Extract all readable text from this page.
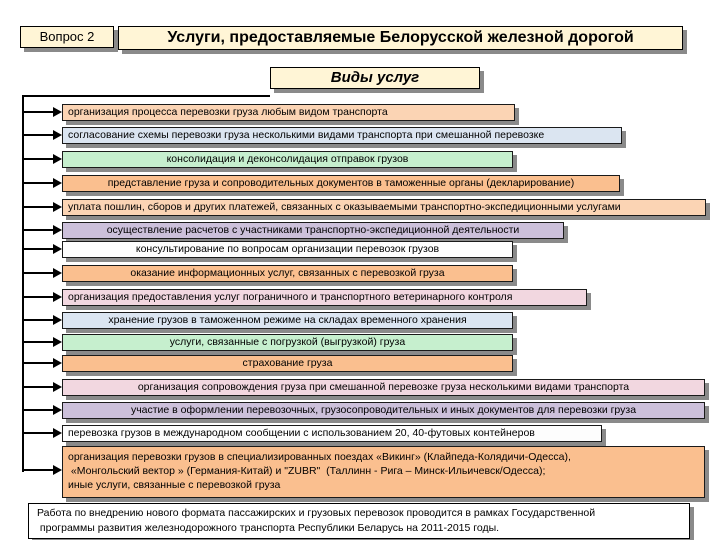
Вопрос 2	Услуги, предоставляемые Белорусской железной дорогой
Виды услуг
организация процесса перевозки груза любым видом транспорта
согласование схемы перевозки груза несколькими видами транспорта при смешанной перевозке
консолидация и деконсолидация отправок грузов
представление груза и сопроводительных документов в таможенные органы (декларирование)
уплата пошлин, сборов и других платежей, связанных с оказываемыми транспортно-экспедиционными услугами
осуществление расчетов с участниками транспортно-экспедиционной деятельности
консультирование по вопросам организации перевозок грузов
оказание информационных услуг, связанных с перевозкой груза
организация предоставления услуг пограничного и транспортного ветеринарного контроля
хранение грузов в таможенном режиме на складах временного хранения
услуги, связанные с погрузкой (выгрузкой) груза
страхование груза
организация сопровождения груза при смешанной перевозке груза несколькими видами транспорта
участие в оформлении перевозочных, грузосопроводительных и иных документов для перевозки груза
перевозка грузов в международном сообщении с использованием 20, 40-футовых контейнеров
организация перевозки грузов в специализированных поездах «Викинг» (Клайпеда-Колядичи-Одесса),
«Монгольский вектор » (Германия-Китай) и "ZUBR"  (Таллинн - Рига – Минск-Ильичевск/Одесса);
иные услуги, связанные с перевозкой груза
Работа по внедрению нового формата пассажирских и грузовых перевозок проводится в рамках Государственной
программы развития железнодорожного транспорта Республики Беларусь на 2011-2015 годы.
